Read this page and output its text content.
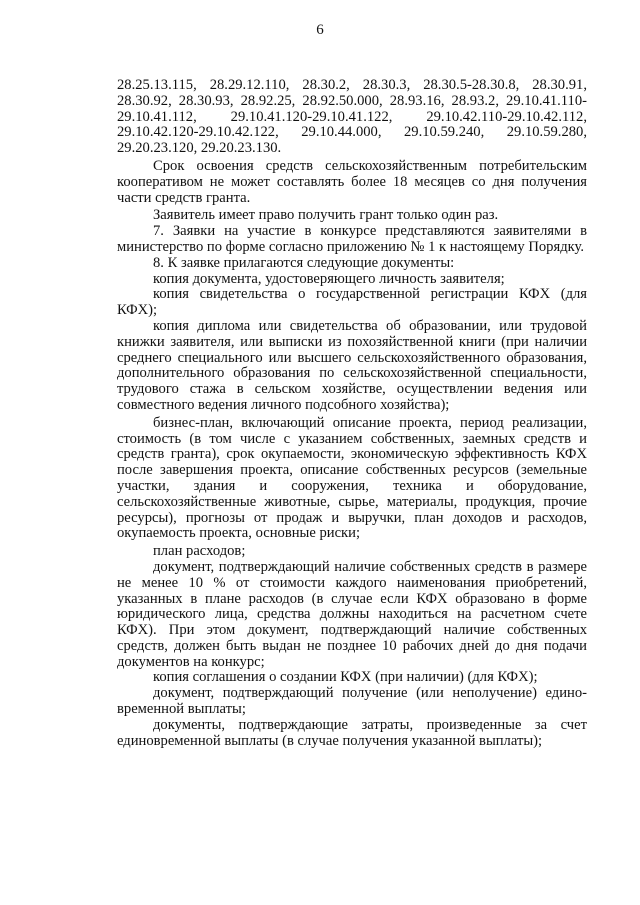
6

28.25.13.115, 28.29.12.110, 28.30.2, 28.30.3, 28.30.5-28.30.8, 28.30.91, 28.30.92, 28.30.93, 28.92.25, 28.92.50.000, 28.93.16, 28.93.2, 29.10.41.110-29.10.41.112, 29.10.41.120-29.10.41.122, 29.10.42.110-29.10.42.112, 29.10.42.120-29.10.42.122, 29.10.44.000, 29.10.59.240, 29.10.59.280, 29.20.23.120, 29.20.23.130.

Срок освоения средств сельскохозяйственным потребительским кооперативом не может составлять более 18 месяцев со дня получения части средств гранта.

Заявитель имеет право получить грант только один раз.

7. Заявки на участие в конкурсе представляются заявителями в министерство по форме согласно приложению № 1 к настоящему Порядку.

8. К заявке прилагаются следующие документы:

копия документа, удостоверяющего личность заявителя;

копия свидетельства о государственной регистрации КФХ (для КФХ);

копия диплома или свидетельства об образовании, или трудовой книжки заявителя, или выписки из похозяйственной книги (при наличии среднего специального или высшего сельскохозяйственного образования, дополнительного образования по сельскохозяйственной специальности, трудового стажа в сельском хозяйстве, осуществлении ведения или совместного ведения личного подсобного хозяйства);

бизнес-план, включающий описание проекта, период реализации, стоимость (в том числе с указанием собственных, заемных средств и средств гранта), срок окупаемости, экономическую эффективность КФХ после завершения проекта, описание собственных ресурсов (земельные участки, здания и сооружения, техника и оборудование, сельскохозяйственные животные, сырье, материалы, продукция, прочие ресурсы), прогнозы от продаж и выручки, план доходов и расходов, окупаемость проекта, основные риски;

план расходов;

документ, подтверждающий наличие собственных средств в размере не менее 10 % от стоимости каждого наименования приобретений, указанных в плане расходов (в случае если КФХ образовано в форме юридического лица, средства должны находиться на расчетном счете КФХ). При этом документ, подтверждающий наличие собственных средств, должен быть выдан не позднее 10 рабочих дней до дня подачи документов на конкурс;

копия соглашения о создании КФХ (при наличии) (для КФХ);

документ, подтверждающий получение (или неполучение) едино-временной выплаты;

документы, подтверждающие затраты, произведенные за счет единовременной выплаты (в случае получения указанной выплаты);
